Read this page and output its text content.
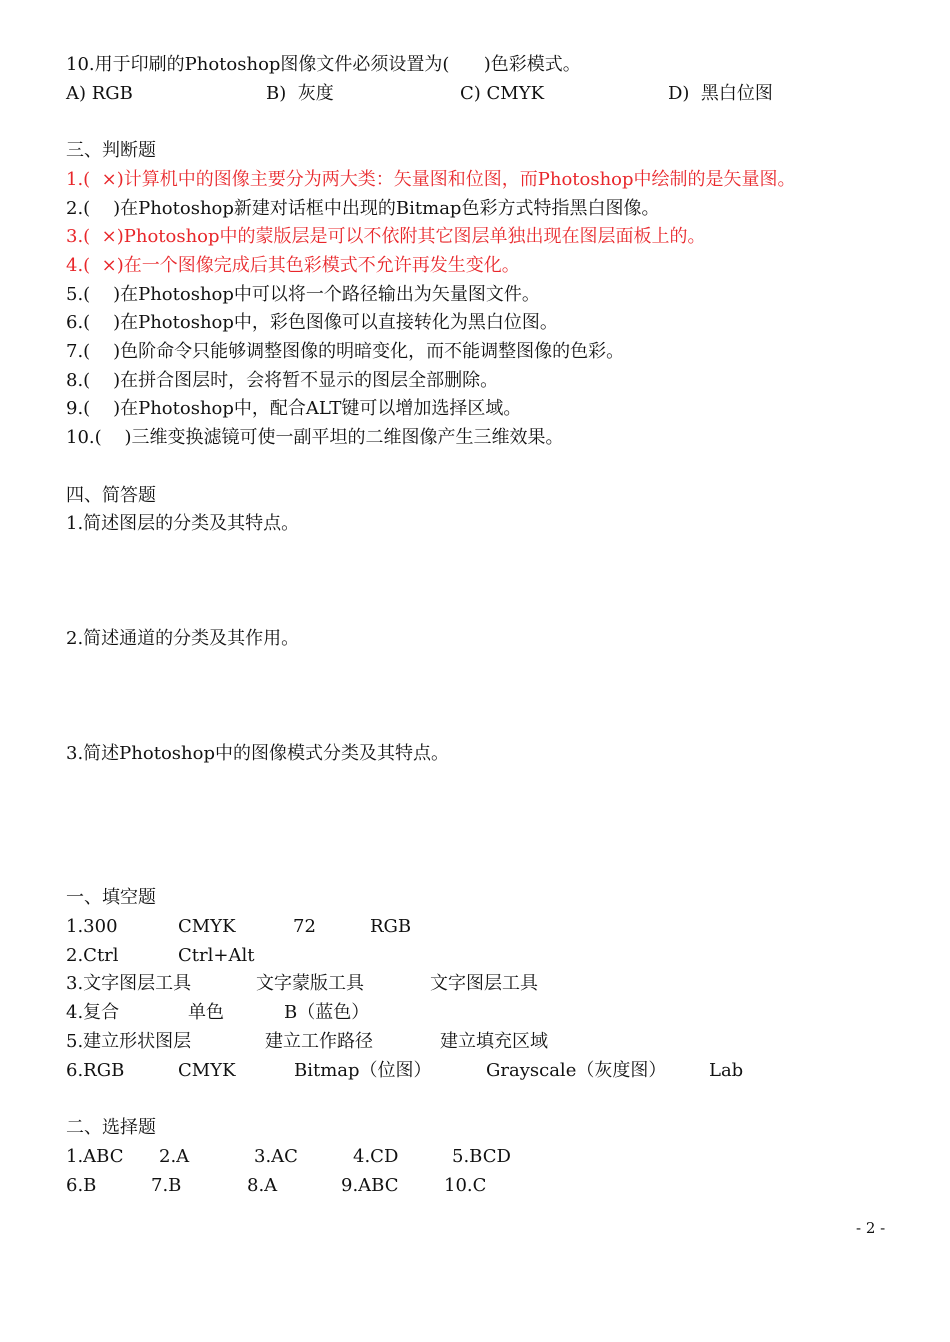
10.用于印刷的Photoshop图像文件必须设置为(      )色彩模式。
A) RGB	B)  灰度	C) CMYK	D)  黑白位图
三、判断题
1.(  ×)计算机中的图像主要分为两大类：矢量图和位图，而Photoshop中绘制的是矢量图。
2.(    )在Photoshop新建对话框中出现的Bitmap色彩方式特指黑白图像。
3.(  ×)Photoshop中的蒙版层是可以不依附其它图层单独出现在图层面板上的。
4.(  ×)在一个图像完成后其色彩模式不允许再发生变化。
5.(    )在Photoshop中可以将一个路径输出为矢量图文件。
6.(    )在Photoshop中，彩色图像可以直接转化为黑白位图。
7.(    )色阶命令只能够调整图像的明暗变化，而不能调整图像的色彩。
8.(    )在拼合图层时，会将暂不显示的图层全部删除。
9.(    )在Photoshop中，配合ALT键可以增加选择区域。
10.(    )三维变换滤镜可使一副平坦的二维图像产生三维效果。
四、简答题
1.简述图层的分类及其特点。
2.简述通道的分类及其作用。
3.简述Photoshop中的图像模式分类及其特点。
一、填空题
1.300	CMYK	72	RGB
2.Ctrl	Ctrl+Alt
3.文字图层工具	文字蒙版工具	文字图层工具
4.复合	单色	B（蓝色）
5.建立形状图层	建立工作路径	建立填充区域
6.RGB	CMYK	Bitmap（位图）	Grayscale（灰度图） Lab
二、选择题
1.ABC 2.A	3.AC	4.CD	5.BCD
6.B	7.B	8.A	9.ABC	10.C
- 2 -
